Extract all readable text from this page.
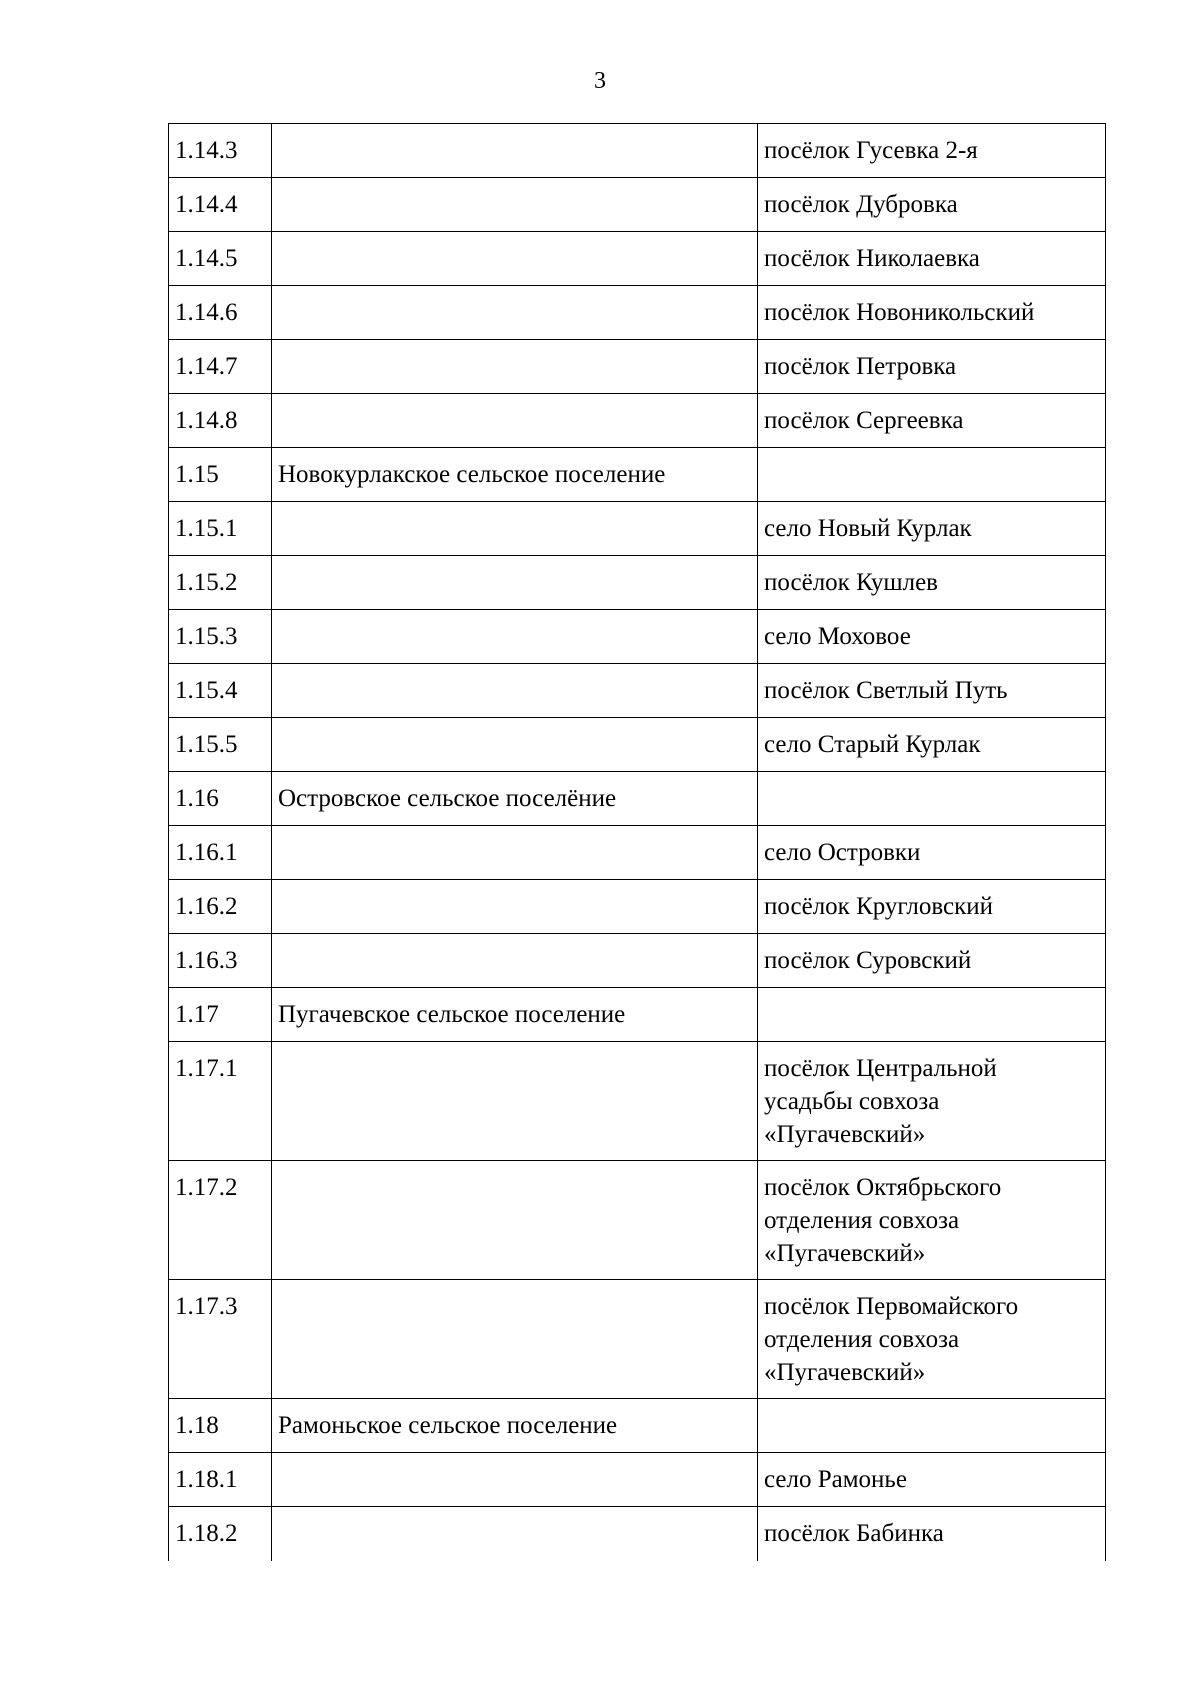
3
1.14.3		посёлок Гусевка 2-я

1.14.4		посёлок Дубровка

1.14.5		посёлок Николаевка

1.14.6		посёлок Новоникольский

1.14.7		посёлок Петровка

1.14.8		посёлок Сергеевка

1.15	Новокурлакское сельское поселение	

1.15.1		село Новый Курлак

1.15.2		посёлок Кушлев

1.15.3		село Моховое

1.15.4		посёлок Светлый Путь

1.15.5		село Старый Курлак

1.16	Островское сельское поселёние	

1.16.1		село Островки

1.16.2		посёлок Кругловский

1.16.3		посёлок Суровский

1.17	Пугачевское сельское поселение	

1.17.1		посёлок Центральной
усадьбы совхоза
«Пугачевский»

1.17.2		посёлок Октябрьского
отделения совхоза
«Пугачевский»

1.17.3		посёлок Первомайского
отделения совхоза
«Пугачевский»

1.18	Рамоньское сельское поселение	

1.18.1		село Рамонье

1.18.2		посёлок Бабинка
